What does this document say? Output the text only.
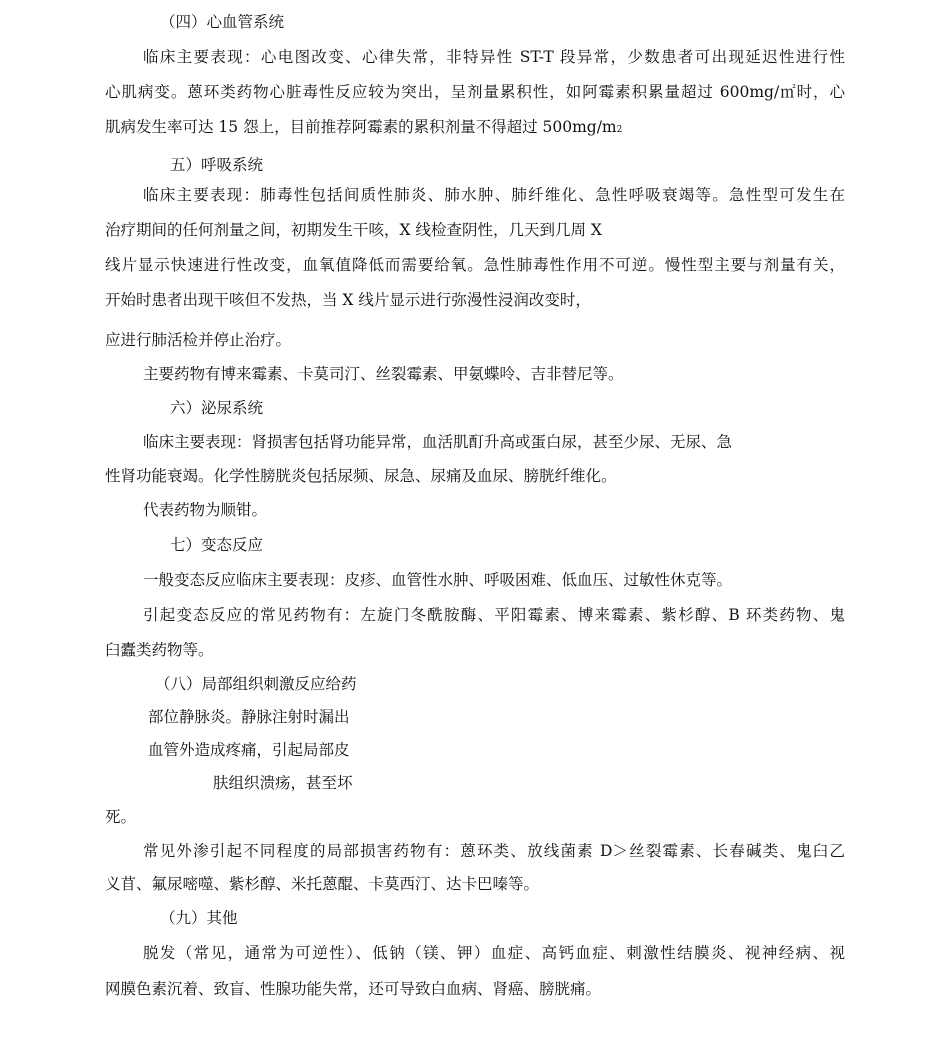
（四）心血管系统
临床主要表现：心电图改变、心律失常，非特异性 ST-T 段异常，少数患者可出现延迟性进行性
心肌病变。蒽环类药物心脏毒性反应较为突出，呈剂量累积性，如阿霉素积累量超过 600mg/㎡时，心
肌病发生率可达 15 怨上，目前推荐阿霉素的累积剂量不得超过 500mg/m2
五）呼吸系统
临床主要表现：肺毒性包括间质性肺炎、肺水肿、肺纤维化、急性呼吸衰竭等。急性型可发生在
治疗期间的任何剂量之间，初期发生干咳，X 线检查阴性，几天到几周 X
线片显示快速进行性改变，血氧值降低而需要给氧。急性肺毒性作用不可逆。慢性型主要与剂量有关，
开始时患者出现干咳但不发热，当 X 线片显示进行弥漫性浸润改变时，
应进行肺活检并停止治疗。
主要药物有博来霉素、卡莫司汀、丝裂霉素、甲氨蝶呤、吉非替尼等。
六）泌尿系统
临床主要表现：肾损害包括肾功能异常，血活肌酊升高或蛋白尿，甚至少尿、无尿、急
性肾功能衰竭。化学性膀胱炎包括尿频、尿急、尿痛及血尿、膀胱纤维化。
代表药物为顺钳。
七）变态反应
一般变态反应临床主要表现：皮疹、血管性水肿、呼吸困难、低血压、过敏性休克等。
引起变态反应的常见药物有：左旋门冬酰胺酶、平阳霉素、博来霉素、紫杉醇、B 环类药物、鬼
臼蠹类药物等。
（八）局部组织刺激反应给药
部位静脉炎。静脉注射时漏出
血管外造成疼痛，引起局部皮
肤组织溃疡，甚至坏
死。
常见外渗引起不同程度的局部损害药物有：蒽环类、放线菌素 D＞丝裂霉素、长春碱类、鬼臼乙
义苜、氟尿嘧噬、紫杉醇、米托蒽醌、卡莫西汀、达卡巴嗪等。
（九）其他
脱发（常见，通常为可逆性）、低钠（镁、钾）血症、高钙血症、刺激性结膜炎、视神经病、视
网膜色素沉着、致盲、性腺功能失常，还可导致白血病、肾癌、膀胱痛。
